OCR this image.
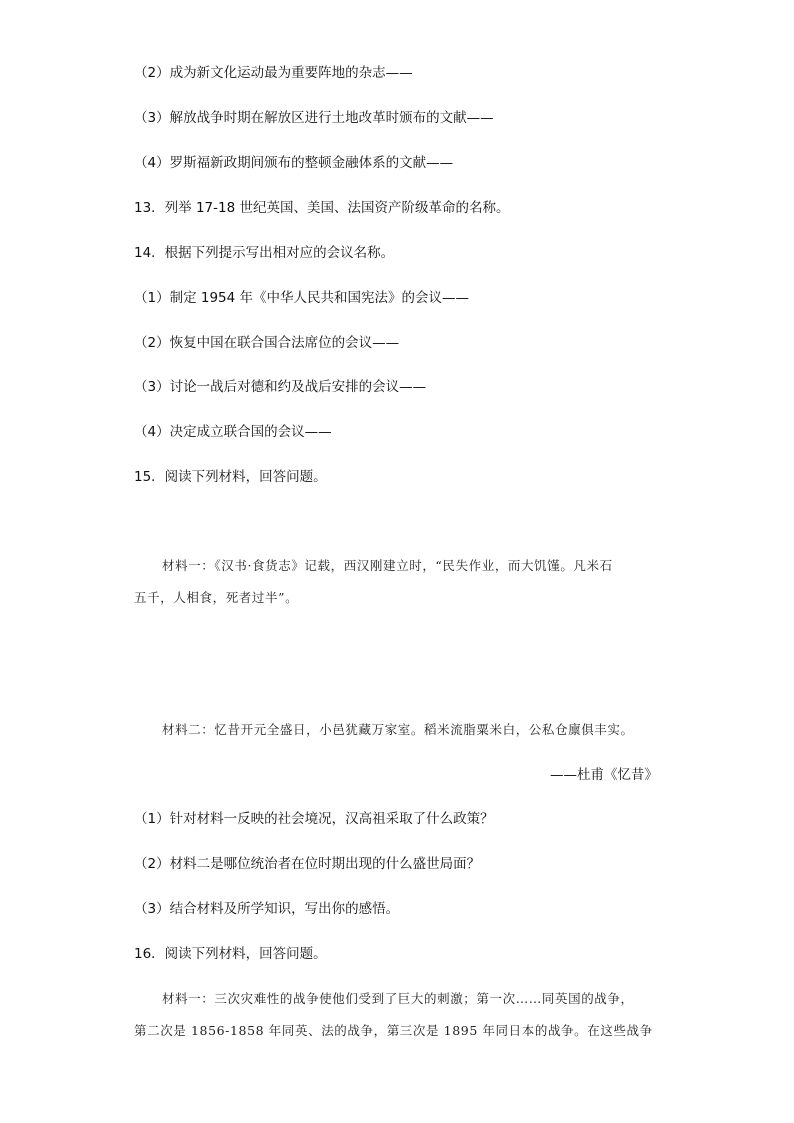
（2）成为新文化运动最为重要阵地的杂志——
（3）解放战争时期在解放区进行土地改革时颁布的文献——
（4）罗斯福新政期间颁布的整顿金融体系的文献——
13．列举 17-18 世纪英国、美国、法国资产阶级革命的名称。
14．根据下列提示写出相对应的会议名称。
（1）制定 1954 年《中华人民共和国宪法》的会议——
（2）恢复中国在联合国合法席位的会议——
（3）讨论一战后对德和约及战后安排的会议——
（4）决定成立联合国的会议——
15．阅读下列材料，回答问题。
材料一：《汉书·食货志》记载，西汉刚建立时，“民失作业，而大饥馑。凡米石
五千，人相食，死者过半”。
材料二：忆昔开元全盛日，小邑犹藏万家室。稻米流脂粟米白，公私仓廪俱丰实。
——杜甫《忆昔》
（1）针对材料一反映的社会境况，汉高祖采取了什么政策？
（2）材料二是哪位统治者在位时期出现的什么盛世局面？
（3）结合材料及所学知识，写出你的感悟。
16．阅读下列材料，回答问题。
材料一：三次灾难性的战争使他们受到了巨大的刺激；第一次……同英国的战争，
第二次是 1856-1858 年同英、法的战争，第三次是 1895 年同日本的战争。在这些战争
